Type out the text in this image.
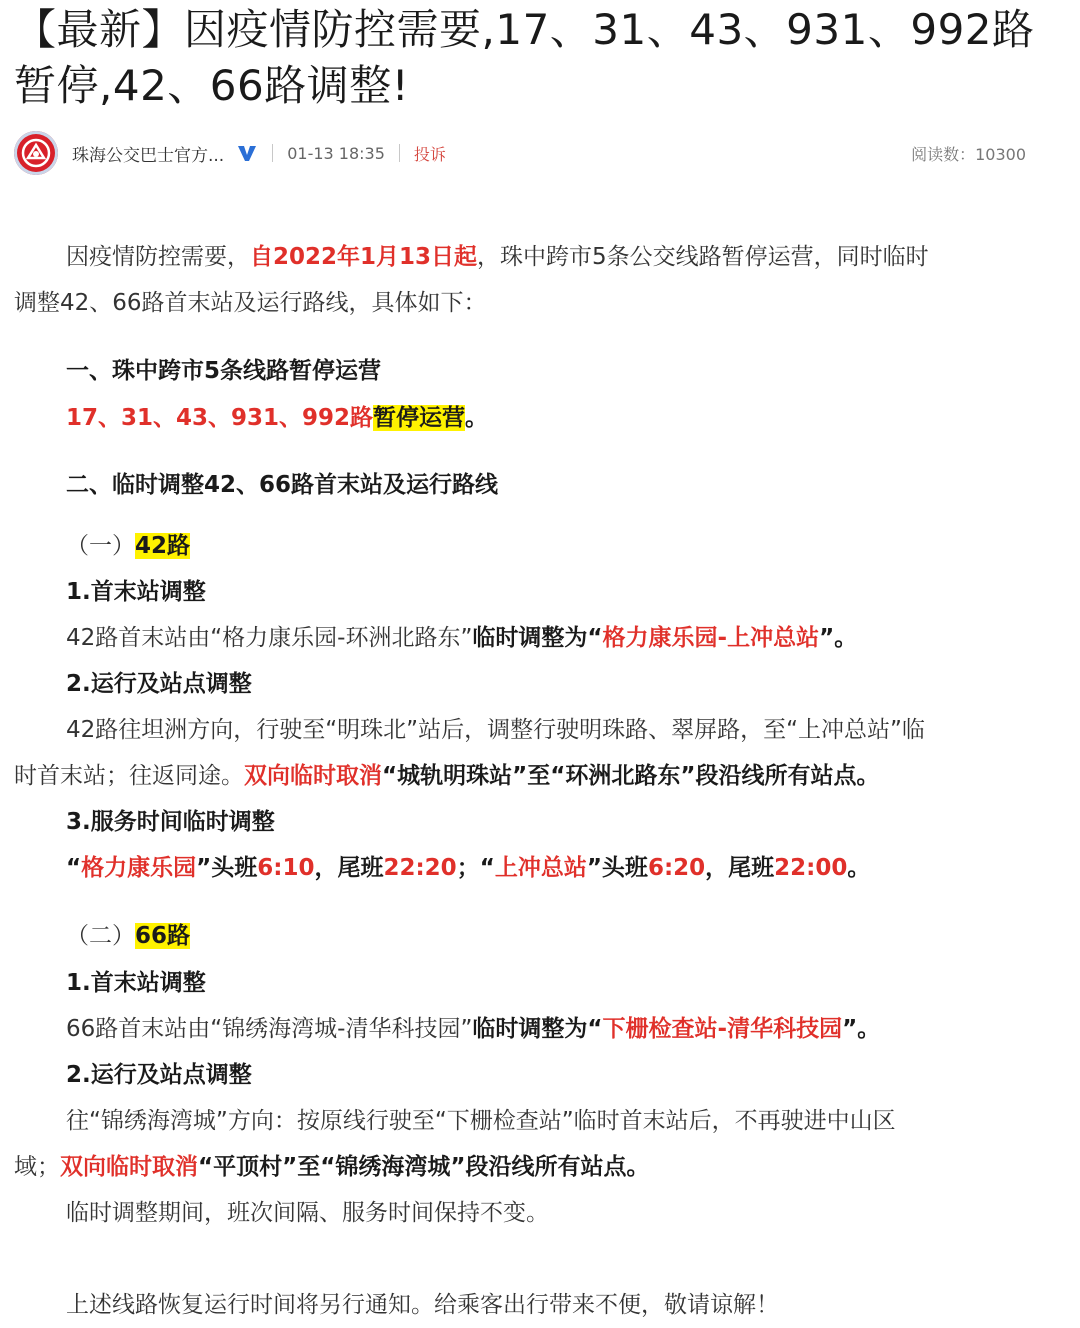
【最新】因疫情防控需要,17、31、43、931、992路
暂停,42、66路调整!
珠海公交巴士官方...	01-13 18:35 投诉	阅读数：10300

因疫情防控需要，自2022年1月13日起，珠中跨市5条公交线路暂停运营，同时临时

调整42、66路首末站及运行路线，具体如下：

一、珠中跨市5条线路暂停运营

17、31、43、931、992路暂停运营。

二、临时调整42、66路首末站及运行路线

（一）42路

1.首末站调整

42路首末站由“格力康乐园-环洲北路东”临时调整为“格力康乐园-上冲总站”。

2.运行及站点调整

42路往坦洲方向，行驶至“明珠北”站后，调整行驶明珠路、翠屏路，至“上冲总站”临

时首末站；往返同途。双向临时取消“城轨明珠站”至“环洲北路东”段沿线所有站点。

3.服务时间临时调整

“格力康乐园”头班6:10，尾班22:20；“上冲总站”头班6:20，尾班22:00。

（二）66路

1.首末站调整

66路首末站由“锦绣海湾城-清华科技园”临时调整为“下栅检查站-清华科技园”。

2.运行及站点调整

往“锦绣海湾城”方向：按原线行驶至“下栅检查站”临时首末站后，不再驶进中山区

域；双向临时取消“平顶村”至“锦绣海湾城”段沿线所有站点。

临时调整期间，班次间隔、服务时间保持不变。

上述线路恢复运行时间将另行通知。给乘客出行带来不便，敬请谅解！
